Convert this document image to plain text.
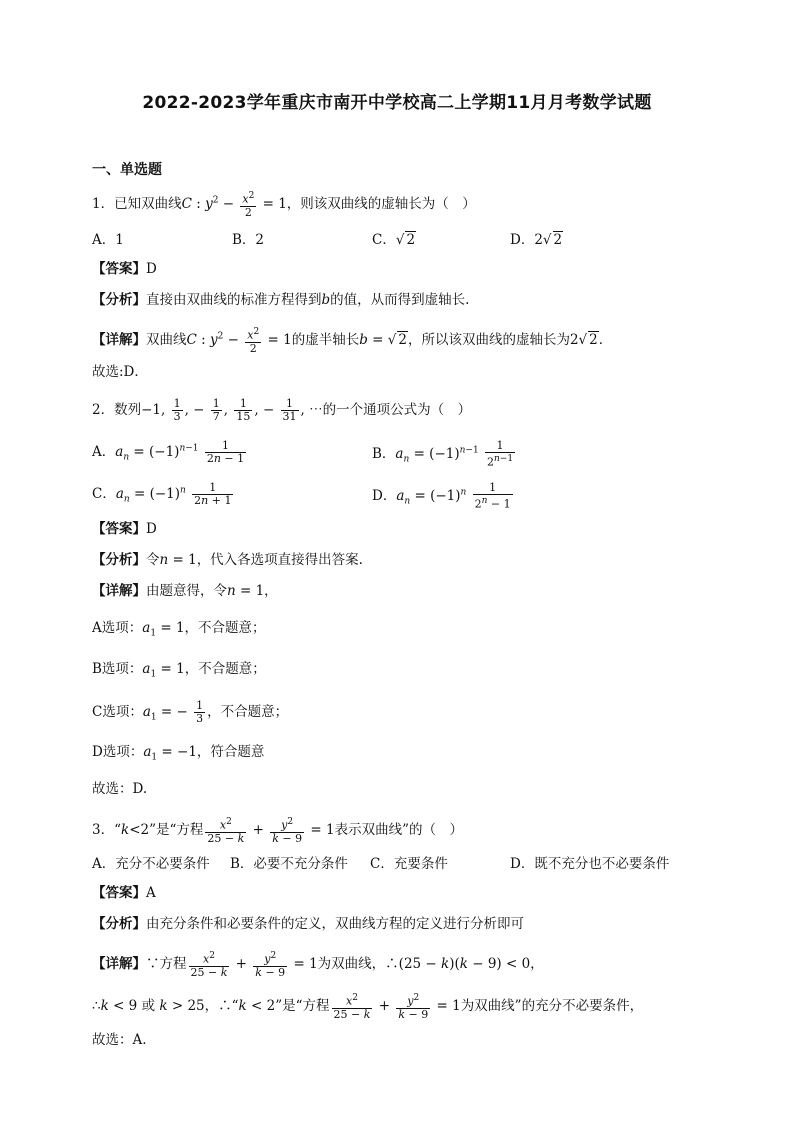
2022-2023学年重庆市南开中学校高二上学期11月月考数学试题
一、单选题
1．已知双曲线C : $y^2 - \frac{x^2}{2} = 1$，则该双曲线的虚轴长为（　）
A．1	B．2	C．√ 2	D．2√ 2
【答案】D
【分析】直接由双曲线的标准方程得到b的值，从而得到虚轴长.
【详解】双曲线C : $y^2 - \frac{x^2}{2} = 1$的虚半轴长b = √ 2，所以该双曲线的虚轴长为2√ 2．
故选:D．
2．数列−1, $\frac{1}{3}$ , − $\frac{1}{7}$ , $\frac{1}{15}$ , − $\frac{1}{31}$ , ⋯的一个通项公式为（　）
A．$a_n = (-1)^{n-1} \frac{1}{2n - 1}$	B．$a_n = (-1)^{n-1} \frac{1}{2^{n-1}}$
C．$a_n = (-1)^n \frac{1}{2n + 1}$	D．$a_n = (-1)^n \frac{1}{2^n - 1}$
【答案】D
【分析】令n = 1，代入各选项直接得出答案.
【详解】由题意得，令n = 1，
A选项：$a_1 = 1$，不合题意；
B选项：$a_1 = 1$，不合题意；
C选项：$a_1$ = − $\frac{1}{3}$ ，不合题意；
D选项：$a_1 = -1$，符合题意
故选：D.
3．“k<2”是“方程 $\frac{x^2}{25 - k} + \frac{y^2}{k - 9} = 1$表示双曲线”的（　）
A．充分不必要条件 B．必要不充分条件 C．充要条件	D．既不充分也不必要条件
【答案】A
【分析】由充分条件和必要条件的定义，双曲线方程的定义进行分析即可
【详解】∵方程 $\frac{x^2}{25 - k} + \frac{y^2}{k - 9} = 1$为双曲线，∴(25 − k)(k − 9) < 0，
∴k < 9 或 k > 25，∴“k < 2”是“方程 $\frac{x^2}{25 - k} + \frac{y^2}{k - 9} = 1$为双曲线”的充分不必要条件，
故选：A.
